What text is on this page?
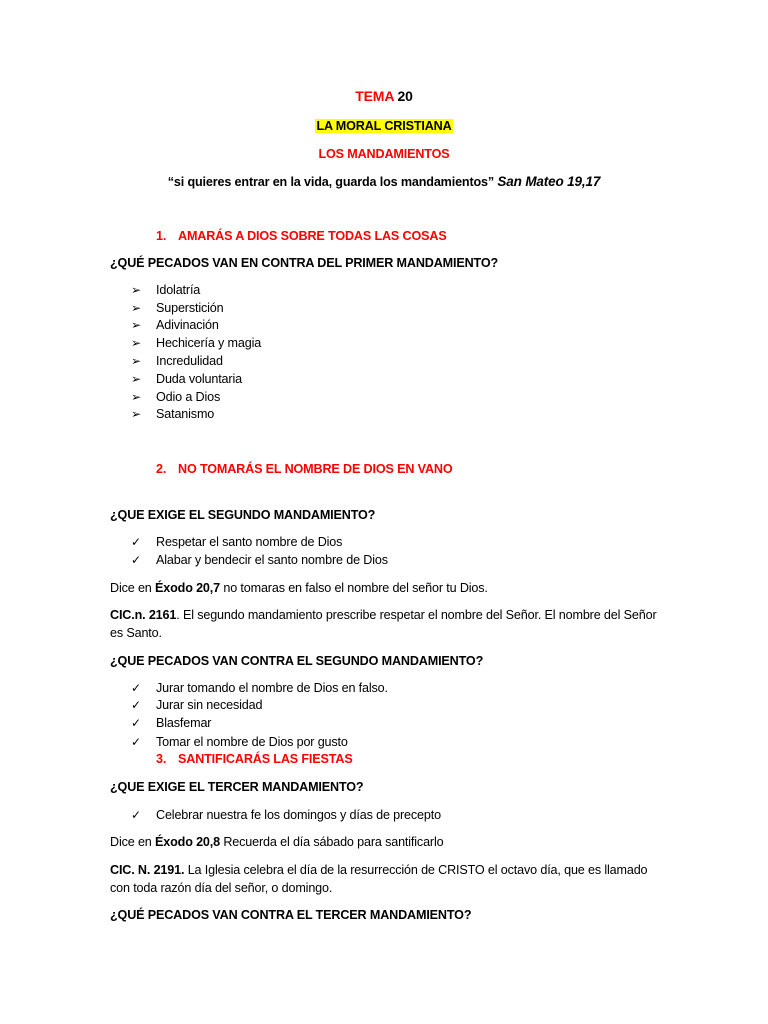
TEMA 20
LA MORAL CRISTIANA
LOS MANDAMIENTOS
“si quieres entrar en la vida, guarda los mandamientos” San Mateo 19,17
1. AMARÁS A DIOS SOBRE TODAS LAS COSAS
¿QUÉ PECADOS VAN EN CONTRA DEL PRIMER MANDAMIENTO?
➢ Idolatría
➢ Superstición
➢ Adivinación
➢ Hechicería y magia
➢ Incredulidad
➢ Duda voluntaria
➢ Odio a Dios
➢ Satanismo
2. NO TOMARÁS EL NOMBRE DE DIOS EN VANO
¿QUE EXIGE EL SEGUNDO MANDAMIENTO?
✓ Respetar el santo nombre de Dios
✓ Alabar y bendecir el santo nombre de Dios
Dice en Éxodo 20,7 no tomaras en falso el nombre del señor tu Dios.
CIC.n. 2161. El segundo mandamiento prescribe respetar el nombre del Señor. El nombre del Señor es Santo.
¿QUE PECADOS VAN CONTRA EL SEGUNDO MANDAMIENTO?
✓ Jurar tomando el nombre de Dios en falso.
✓ Jurar sin necesidad
✓ Blasfemar
✓ Tomar el nombre de Dios por gusto
3. SANTIFICARÁS LAS FIESTAS
¿QUE EXIGE EL TERCER MANDAMIENTO?
✓ Celebrar nuestra fe los domingos y días de precepto
Dice en Éxodo 20,8 Recuerda el día sábado para santificarlo
CIC. N. 2191. La Iglesia celebra el día de la resurrección de CRISTO el octavo día, que es llamado con toda razón día del señor, o domingo.
¿QUÉ PECADOS VAN CONTRA EL TERCER MANDAMIENTO?
